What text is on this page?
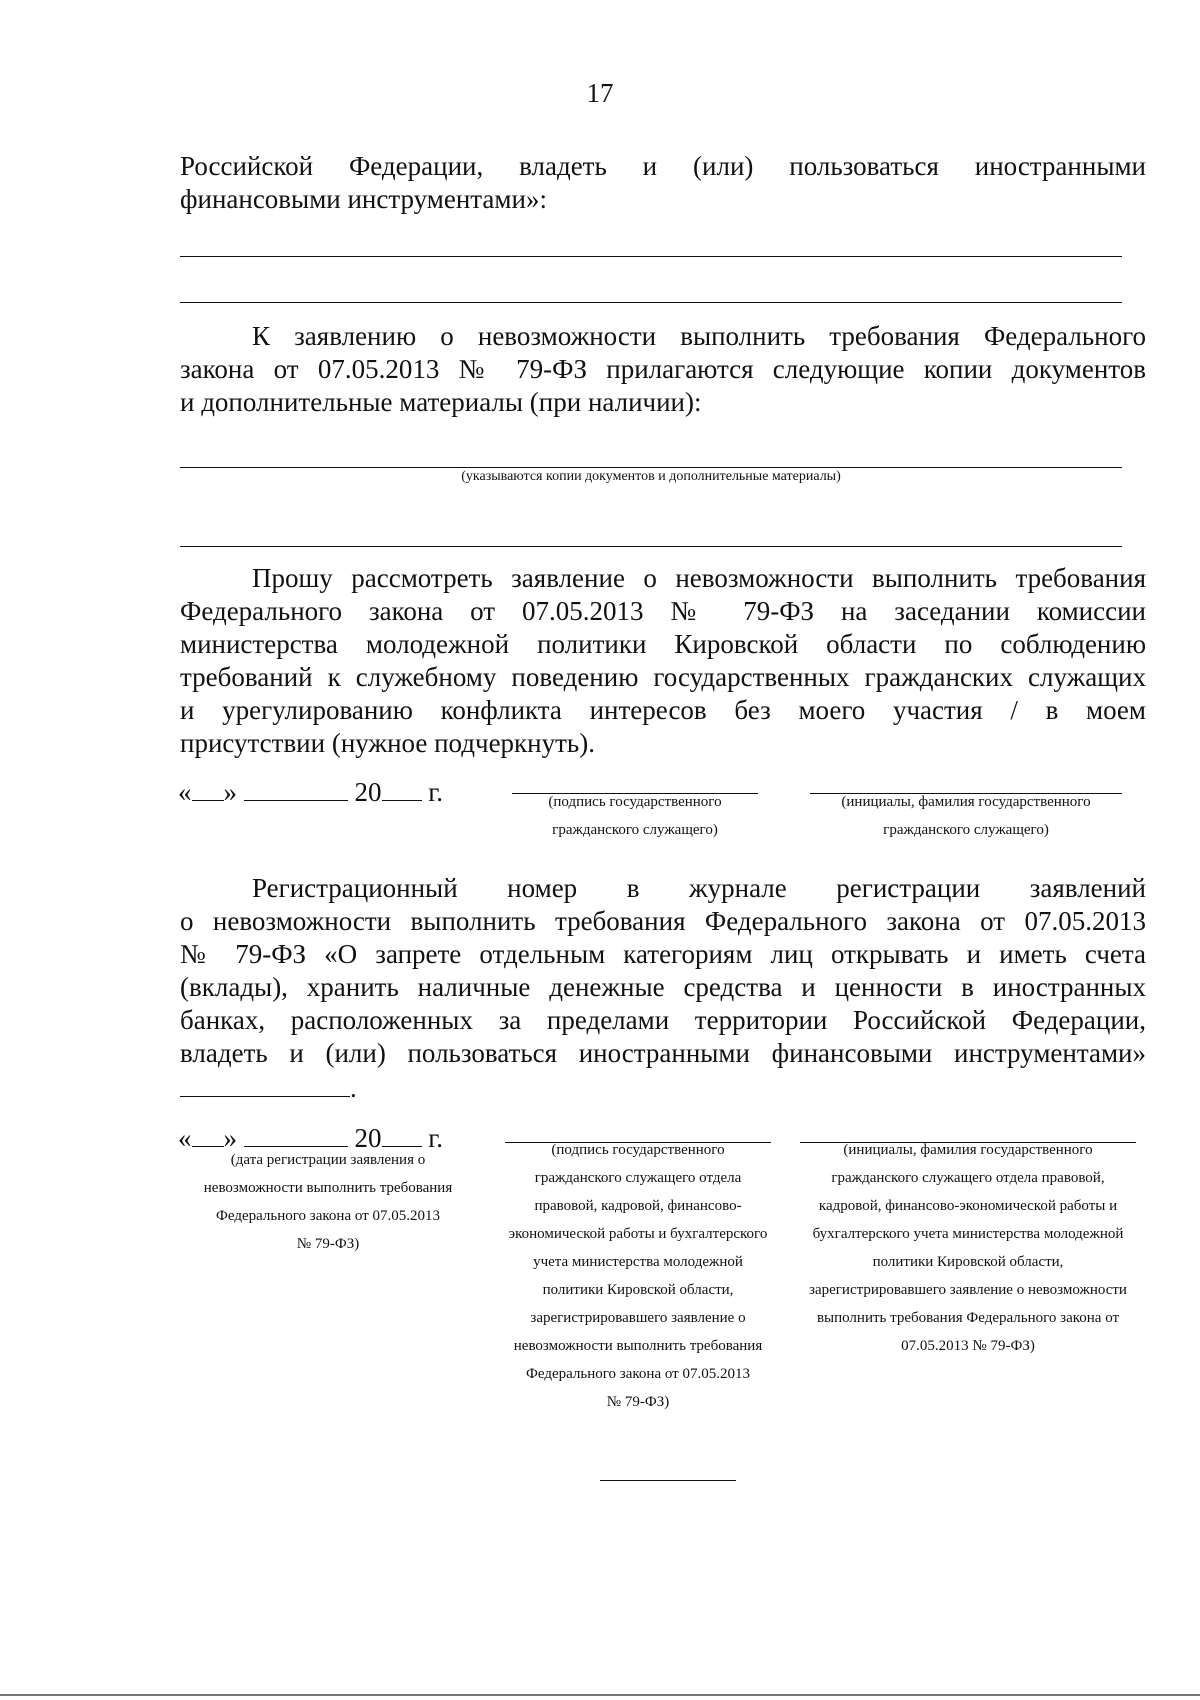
17
Российской Федерации, владеть и (или) пользоваться иностранными
финансовыми инструментами»:
К заявлению о невозможности выполнить требования Федерального
закона от 07.05.2013 № 79-ФЗ прилагаются следующие копии документов
и дополнительные материалы (при наличии):
(указываются копии документов и дополнительные материалы)
Прошу рассмотреть заявление о невозможности выполнить требования
Федерального закона от 07.05.2013 № 79-ФЗ на заседании комиссии
министерства молодежной политики Кировской области по соблюдению
требований к служебному поведению государственных гражданских служащих
и урегулированию конфликта интересов без моего участия / в моем
присутствии (нужное подчеркнуть).
« »	20 г.	(подпись государственного
гражданского служащего)
(инициалы, фамилия государственного
гражданского служащего)
Регистрационный номер в журнале регистрации заявлений
о невозможности выполнить требования Федерального закона от 07.05.2013
№ 79-ФЗ «О запрете отдельным категориям лиц открывать и иметь счета
(вклады), хранить наличные денежные средства и ценности в иностранных
банках, расположенных за пределами территории Российской Федерации,
владеть и (или) пользоваться иностранными финансовыми инструментами»
.
« »	20 г.
(дата регистрации заявления о
невозможности выполнить требования
Федерального закона от 07.05.2013
№ 79-ФЗ)
(подпись государственного
гражданского служащего отдела
правовой, кадровой, финансово-
экономической работы и бухгалтерского
учета министерства молодежной
политики Кировской области,
зарегистрировавшего заявление о
невозможности выполнить требования
Федерального закона от 07.05.2013
№ 79-ФЗ)
(инициалы, фамилия государственного
гражданского служащего отдела правовой,
кадровой, финансово-экономической работы и
бухгалтерского учета министерства молодежной
политики Кировской области,
зарегистрировавшего заявление о невозможности
выполнить требования Федерального закона от
07.05.2013 № 79-ФЗ)
